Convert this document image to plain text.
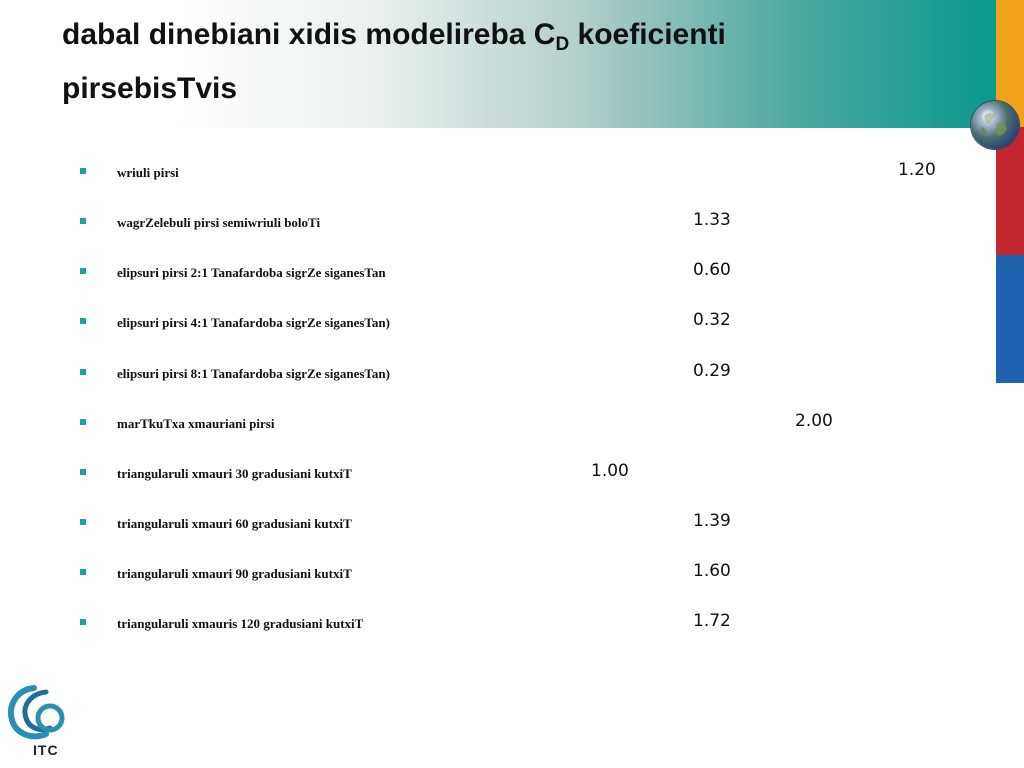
dabal dinebiani xidis modelireba $C_D$ koeficienti
pirsebisTvis
wriuli pirsi	1.20
wagrZelebuli pirsi semiwriuli boloTi	1.33
elipsuri pirsi 2:1 Tanafardoba sigrZe siganesTan	0.60
elipsuri pirsi 4:1 Tanafardoba sigrZe siganesTan)	0.32
elipsuri pirsi 8:1 Tanafardoba sigrZe siganesTan)	0.29
marTkuTxa xmauriani pirsi	2.00
triangularuli xmauri 30 gradusiani kutxiT	1.00
triangularuli xmauri 60 gradusiani kutxiT	1.39
triangularuli xmauri 90 gradusiani kutxiT	1.60
triangularuli xmauris 120 gradusiani kutxiT	1.72
ITC
